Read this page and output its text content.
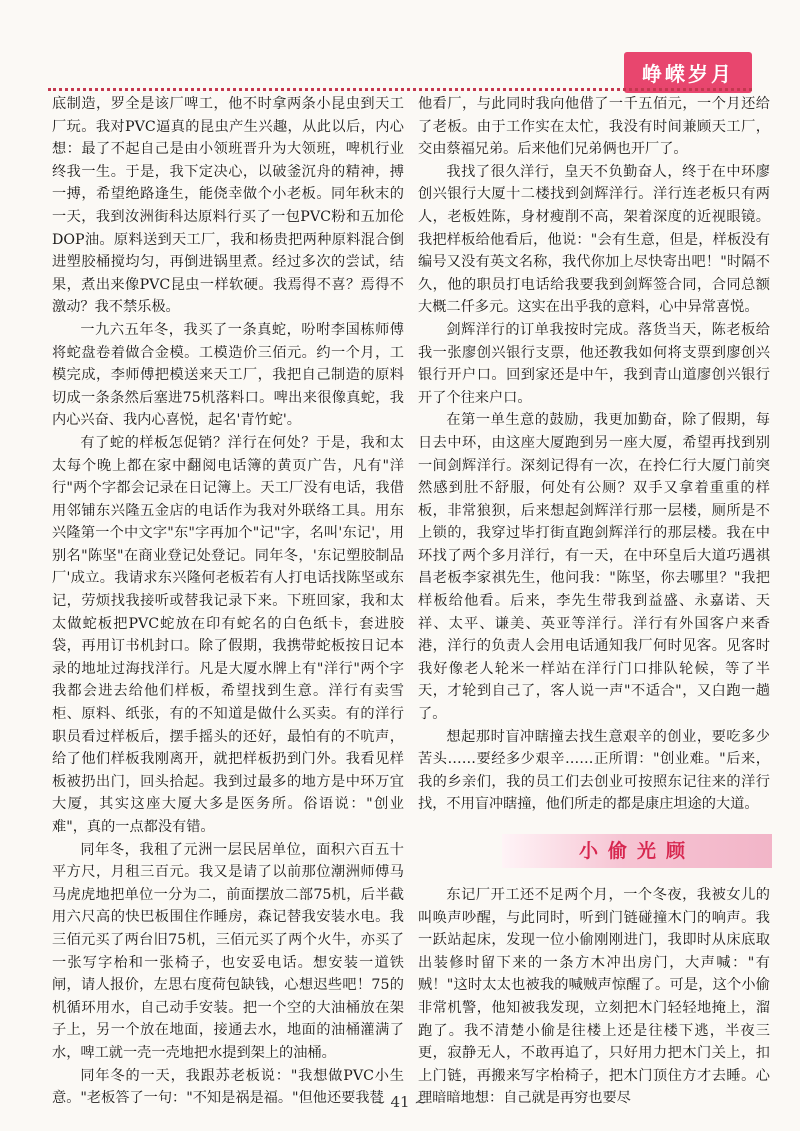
峥嵘岁月

底制造，罗全是该厂啤工，他不时拿两条小昆虫到天工厂玩。我对PVC逼真的昆虫产生兴趣，从此以后，内心想：最了不起自己是由小领班晋升为大领班，啤机行业终我一生。于是，我下定决心，以破釜沉舟的精神，搏一搏，希望绝路逢生，能侥幸做个小老板。同年秋末的一天，我到汝洲街科达原料行买了一包PVC粉和五加伦DOP油。原料送到天工厂，我和杨贵把两种原料混合倒进塑胶桶搅均匀，再倒进锅里煮。经过多次的尝试，结果，煮出来像PVC昆虫一样软硬。我焉得不喜？焉得不激动？我不禁乐极。

一九六五年冬，我买了一条真蛇，吩咐李国栋师傅将蛇盘卷着做合金模。工模造价三佰元。约一个月，工模完成，李师傅把模送来天工厂，我把自己制造的原料切成一条条然后塞进75机落料口。啤出来很像真蛇，我内心兴奋、我内心喜悦，起名'青竹蛇'。

有了蛇的样板怎促销？洋行在何处？于是，我和太太每个晚上都在家中翻阅电话簿的黄页广告，凡有"洋行"两个字都会记录在日记簿上。天工厂没有电话，我借用邻铺东兴隆五金店的电话作为我对外联络工具。用东兴隆第一个中文字"东"字再加个"记"字，名叫'东记'，用别名"陈坚"在商业登记处登记。同年冬，'东记塑胶制品厂'成立。我请求东兴隆何老板若有人打电话找陈坚或东记，劳烦找我接听或替我记录下来。下班回家，我和太太做蛇板把PVC蛇放在印有蛇名的白色纸卡，套进胶袋，再用订书机封口。除了假期，我携带蛇板按日记本录的地址过海找洋行。凡是大厦水牌上有"洋行"两个字我都会进去给他们样板，希望找到生意。洋行有卖雪柜、原料、纸张，有的不知道是做什么买卖。有的洋行职员看过样板后，摆手摇头的还好，最怕有的不吭声，给了他们样板我刚离开，就把样板扔到门外。我看见样板被扔出门，回头拾起。我到过最多的地方是中环万宜大厦，其实这座大厦大多是医务所。俗语说："创业难"，真的一点都没有错。

同年冬，我租了元洲一层民居单位，面积六百五十平方尺，月租三百元。我又是请了以前那位潮洲师傅马马虎虎地把单位一分为二，前面摆放二部75机，后半截用六尺高的快巴板围住作睡房，森记替我安装水电。我三佰元买了两台旧75机，三佰元买了两个火牛，亦买了一张写字枱和一张椅子，也安妥电话。想安装一道铁闸，请人报价，左思右度荷包缺钱，心想迟些吧！75的机循环用水，自己动手安装。把一个空的大油桶放在架子上，另一个放在地面，接通去水，地面的油桶灌满了水，啤工就一壳一壳地把水提到架上的油桶。

同年冬的一天，我跟苏老板说："我想做PVC小生意。"老板答了一句："不知是祸是福。"但他还要我替

他看厂，与此同时我向他借了一千五佰元，一个月还给了老板。由于工作实在太忙，我没有时间兼顾天工厂，交由蔡福兄弟。后来他们兄弟俩也开厂了。

我找了很久洋行，皇天不负勤奋人，终于在中环廖创兴银行大厦十二楼找到剑辉洋行。洋行连老板只有两人，老板姓陈，身材瘦削不高，架着深度的近视眼镜。我把样板给他看后，他说："会有生意，但是，样板没有编号又没有英文名称，我代你加上尽快寄出吧！"时隔不久，他的职员打电话给我要我到剑辉签合同，合同总额大概二仟多元。这实在出乎我的意料，心中异常喜悦。

剑辉洋行的订单我按时完成。落货当天，陈老板给我一张廖创兴银行支票，他还教我如何将支票到廖创兴银行开户口。回到家还是中午，我到青山道廖创兴银行开了个往来户口。

在第一单生意的鼓励，我更加勤奋，除了假期，每日去中环，由这座大厦跑到另一座大厦，希望再找到别一间剑辉洋行。深刻记得有一次，在拎仁行大厦门前突然感到肚不舒服，何处有公厕？双手又拿着重重的样板，非常狼狈，后来想起剑辉洋行那一层楼，厕所是不上锁的，我穿过毕打街直跑剑辉洋行的那层楼。我在中环找了两个多月洋行，有一天，在中环皇后大道巧遇祺昌老板李家祺先生，他问我："陈坚，你去哪里？"我把样板给他看。后来，李先生带我到益盛、永嘉诺、天祥、太平、谦美、英亚等洋行。洋行有外国客户来香港，洋行的负责人会用电话通知我厂何时见客。见客时我好像老人轮米一样站在洋行门口排队轮候，等了半天，才轮到自己了，客人说一声"不适合"，又白跑一趟了。

想起那时盲冲瞎撞去找生意艰辛的创业，要吃多少苦头……要经多少艰辛……正所谓："创业难。"后来，我的乡亲们，我的员工们去创业可按照东记往来的洋行找，不用盲冲瞎撞，他们所走的都是康庄坦途的大道。

小偷光顾

东记厂开工还不足两个月，一个冬夜，我被女儿的叫唤声吵醒，与此同时，听到门链碰撞木门的响声。我一跃站起床，发现一位小偷刚刚进门，我即时从床底取出装修时留下来的一条方木冲出房门，大声喊："有贼！"这时太太也被我的喊贼声惊醒了。可是，这个小偷非常机警，他知被我发现，立刻把木门轻轻地掩上，溜跑了。我不清楚小偷是往楼上还是往楼下逃，半夜三更，寂静无人，不敢再追了，只好用力把木门关上，扣上门链，再搬来写字枱椅子，把木门顶住方才去睡。心理暗暗地想：自己就是再穷也要尽

~ 41 ~
